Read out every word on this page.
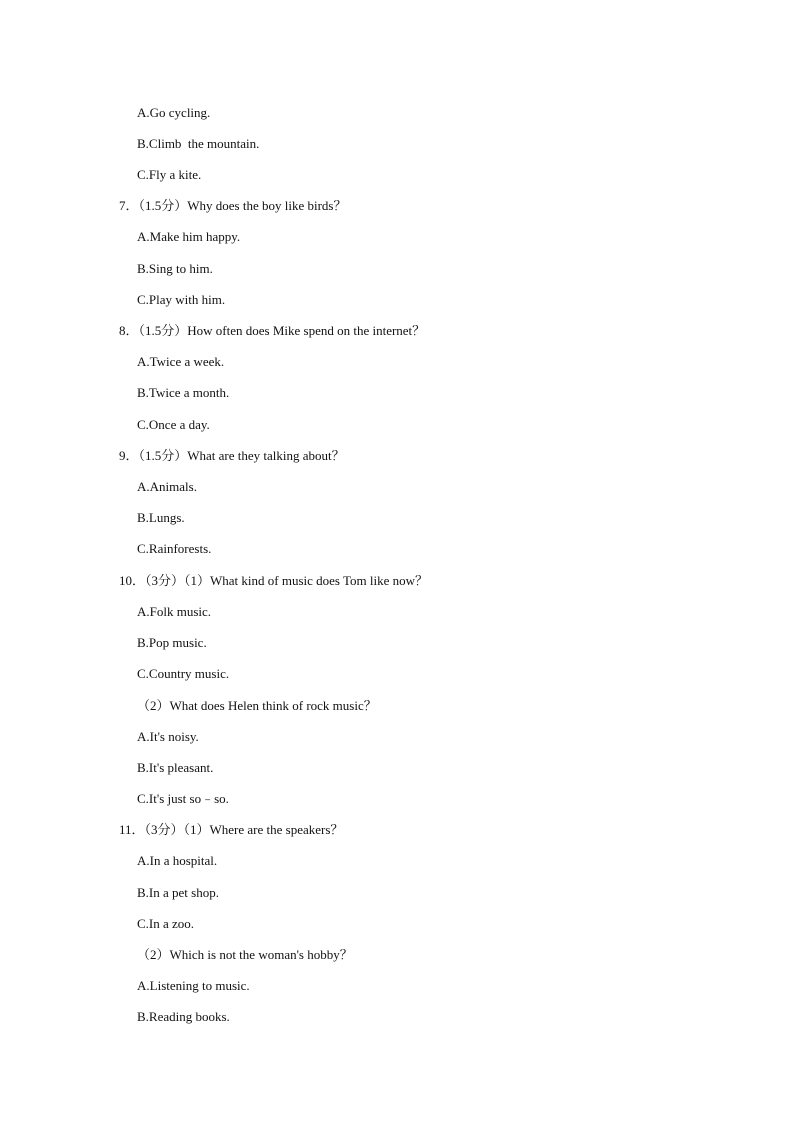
A.Go cycling.
B.Climb  the mountain.
C.Fly a kite.
7．（1.5分）Why does the boy like birds？
A.Make him happy.
B.Sing to him.
C.Play with him.
8．（1.5分）How often does Mike spend on the internet？
A.Twice a week.
B.Twice a month.
C.Once a day.
9．（1.5分）What are they talking about？
A.Animals.
B.Lungs.
C.Rainforests.
10．（3分）（1）What kind of music does Tom like now？
A.Folk music.
B.Pop music.
C.Country music.
（2）What does Helen think of rock music？
A.It's noisy.
B.It's pleasant.
C.It's just so﹣so.
11．（3分）（1）Where are the speakers？
A.In a hospital.
B.In a pet shop.
C.In a zoo.
（2）Which is not the woman's hobby？
A.Listening to music.
B.Reading books.
